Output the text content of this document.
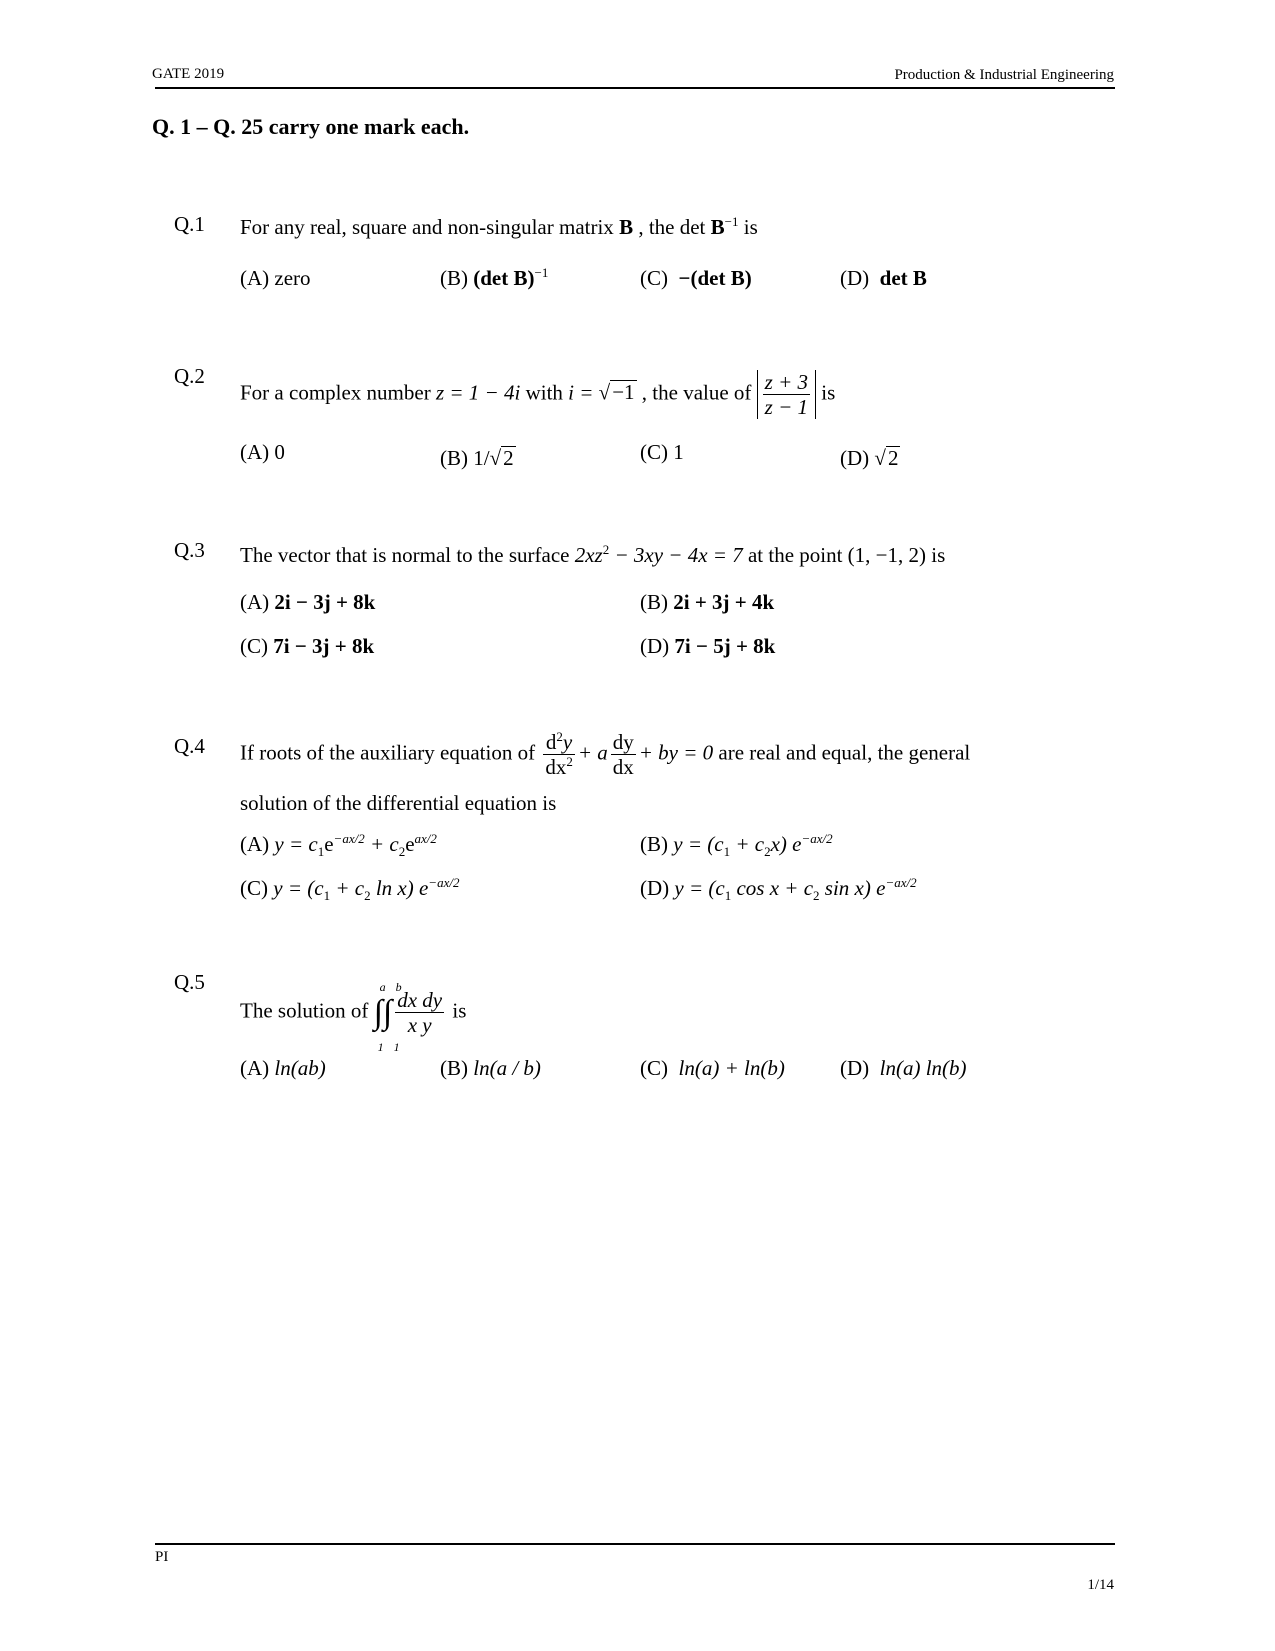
GATE 2019	Production & Industrial Engineering
Q. 1 – Q. 25 carry one mark each.
Q.1 For any real, square and non-singular matrix B , the $\det B^{-1}$ is
(A) zero	(B) (det B)$^{-1}$	(C) −(det B)	(D) det B
Q.2
For a complex number z = 1 − 4i with i = √−1 , the value of $\frac{z + 3}{z - 1}$ is
(A) 0	(B) 1/√2	(C) 1	(D) √2
Q.3 The vector that is normal to the surface $2xz^2 - 3xy - 4x = 7$ at the point (1, −1, 2) is
(A) 2i − 3j + 8k	(B) 2i + 3j + 4k
(C) 7i − 3j + 8k	(D) 7i − 5j + 8k
Q.4 If roots of the auxiliary equation of $\frac{d^2y}{dx^2} + a \frac{dy}{dx}$ + by = 0 are real and equal, the general
solution of the differential equation is
(A) $y = c_1e^{-ax/2} + c_2e^{ax/2}$	(B) $y = (c_1 + c_2x)$ $e^{-ax/2}$
(C) $y = (c_1 + c_2$ ln x) $e^{-ax/2}$	(D) $y = (c_1$ $\cos x + c_2$ sin x) $e^{-ax/2}$
Q.5
The solution of ∫∫
a b
1 1
$\frac{\text{dx dy}}{\text{x y}}$ is
(A) ln(ab)	(B) ln(a / b)	(C) ln(a) + ln(b)	(D) ln(a) ln(b)
PI
1/14
